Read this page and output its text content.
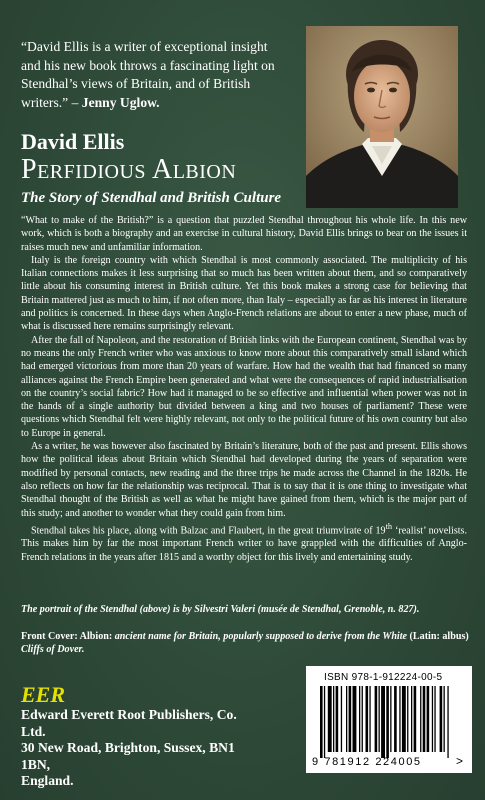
“David Ellis is a writer of exceptional insight and his new book throws a fascinating light on Stendhal’s views of Britain, and of British writers.” – Jenny Uglow.
David Ellis
Perfidious Albion
The Story of Stendhal and British Culture

“What to make of the British?” is a question that puzzled Stendhal throughout his whole life. In this new work, which is both a biography and an exercise in cultural history, David Ellis brings to bear on the issues it raises much new and unfamiliar information.

Italy is the foreign country with which Stendhal is most commonly associated. The multiplicity of his Italian connections makes it less surprising that so much has been written about them, and so comparatively little about his consuming interest in British culture. Yet this book makes a strong case for believing that Britain mattered just as much to him, if not often more, than Italy – especially as far as his interest in literature and politics is concerned. In these days when Anglo-French relations are about to enter a new phase, much of what is discussed here remains surprisingly relevant.

After the fall of Napoleon, and the restoration of British links with the European continent, Stendhal was by no means the only French writer who was anxious to know more about this comparatively small island which had emerged victorious from more than 20 years of warfare. How had the wealth that had financed so many alliances against the French Empire been generated and what were the consequences of rapid industrialisation on the country’s social fabric? How had it managed to be so effective and influential when power was not in the hands of a single authority but divided between a king and two houses of parliament? These were questions which Stendhal felt were highly relevant, not only to the political future of his own country but also to Europe in general.

As a writer, he was however also fascinated by Britain’s literature, both of the past and present. Ellis shows how the political ideas about Britain which Stendhal had developed during the years of separation were modified by personal contacts, new reading and the three trips he made across the Channel in the 1820s. He also reflects on how far the relationship was reciprocal. That is to say that it is one thing to investigate what Stendhal thought of the British as well as what he might have gained from them, which is the major part of this study; and another to wonder what they could gain from him.

Stendhal takes his place, along with Balzac and Flaubert, in the great triumvirate of 19th ‘realist’ novelists. This makes him by far the most important French writer to have grappled with the difficulties of Anglo-French relations in the years after 1815 and a worthy object for this lively and entertaining study.

The portrait of the Stendhal (above) is by Silvestri Valeri (musée de Stendhal, Grenoble, n. 827).
Front Cover: Albion: ancient name for Britain, popularly supposed to derive from the White (Latin: albus) Cliffs of Dover.
EER
Edward Everett Root Publishers, Co. Ltd.
30 New Road, Brighton, Sussex, BN1 1BN,
England.
ISBN 978-1-912224-00-5
9 781912 224005	>
